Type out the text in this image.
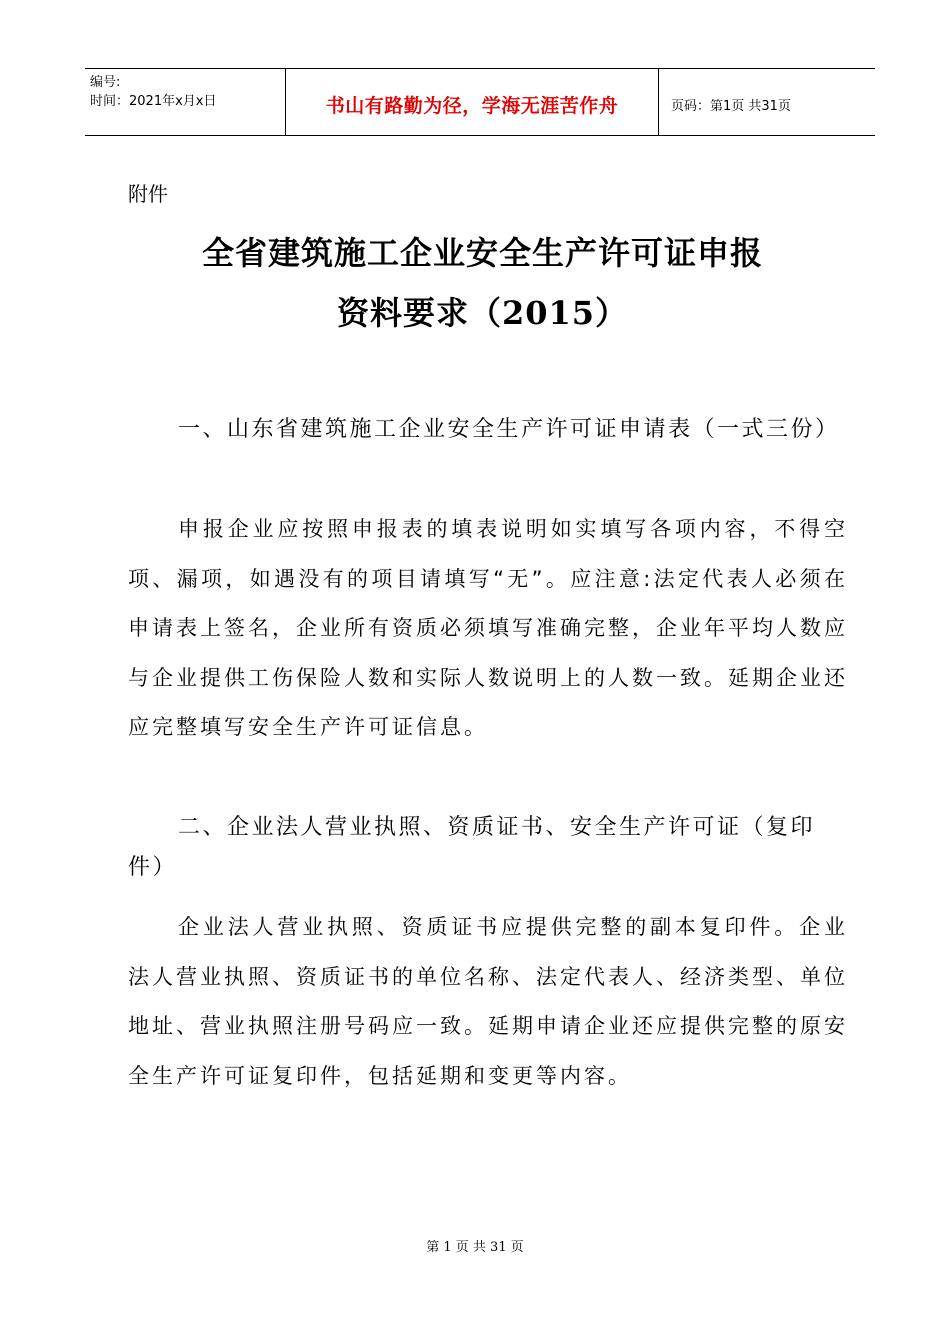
编号:
时间：2021年x月x日	书山有路勤为径，学海无涯苦作舟	页码：第1页 共31页
附件
全省建筑施工企业安全生产许可证申报
资料要求（2015）
一、山东省建筑施工企业安全生产许可证申请表（一式三份）
申报企业应按照申报表的填表说明如实填写各项内容，不得空项、漏项，如遇没有的项目请填写“无”。应注意:法定代表人必须在申请表上签名，企业所有资质必须填写准确完整，企业年平均人数应与企业提供工伤保险人数和实际人数说明上的人数一致。延期企业还应完整填写安全生产许可证信息。
二、企业法人营业执照、资质证书、安全生产许可证（复印件）
企业法人营业执照、资质证书应提供完整的副本复印件。企业法人营业执照、资质证书的单位名称、法定代表人、经济类型、单位地址、营业执照注册号码应一致。延期申请企业还应提供完整的原安全生产许可证复印件，包括延期和变更等内容。
第 1 页 共 31 页
